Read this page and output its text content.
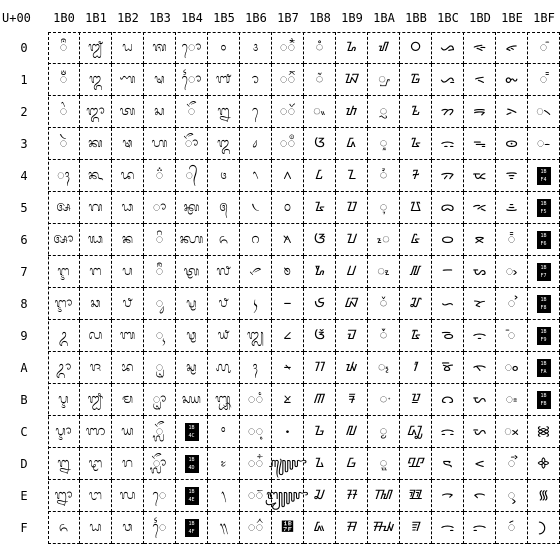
U+00	1B0 1B1 1B2 1B3 1B4 1B5 1B6 1B7 1B8 1B9 1BA 1BB 1BC 1BD 1BE 1BF
0
1
2
3
4
5
6
7
8
9
A
B
C
D
E
F
◌ᬀ
◌ᬁ
◌ᬂ
◌ᬃ
◌ᬄ
ᬅ
ᬆ
ᬇ
ᬈ
ᬉ
ᬊ
ᬋ
ᬌ
ᬍ
ᬎ
ᬏ
ᬐ
ᬑ
ᬒ
ᬓ
ᬔ
ᬕ
ᬖ
ᬗ
ᬘ
ᬙ
ᬚ
ᬛ
ᬜ
ᬝ
ᬞ
ᬟ
ᬠ
ᬡ
ᬢ
ᬣ
ᬤ
ᬥ
ᬦ
ᬧ
ᬨ
ᬩ
ᬪ
ᬫ
ᬬ
ᬭ
ᬮ
ᬯ
ᬰ
ᬱ
ᬲ
ᬳ
◌᬴
◌ᬵ
◌ᬶ
◌ᬷ
◌ᬸ
◌ᬹ
◌ᬺ
ᬻ
◌ᬼ
◌ᬽ
◌ᬾ
◌ᬿ
◌ᭀ
◌ᭁ
◌ᭂ
◌ᭃ
◌᭄
ᭅ
ᭆ
ᭇ
ᭈ
ᭉ
ᭊ
ᭋ
1B
4C
1B
4D
1B
4E
1B
4F
᭐
᭑
᭒
᭓
᭔
᭕
᭖
᭗
᭘
᭙
᭚
᭛
᭜
᭝
᭞
᭟
᭠
᭡
᭢
᭣
᭤
᭥
᭦
᭧
᭨
᭩
᭪
◌᭫
◌᭬
◌᭭
◌᭮
◌᭯
◌᭰
◌᭱
◌᭲
◌᭳
᭴
᭵
᭶
᭷
᭸
᭹
᭺
᭻
᭼
᭽
᭾
᭿
◌ᮀ
◌ᮁ
◌ᮂ
ᮃ
ᮄ
ᮅ
ᮆ
ᮇ
ᮈ
ᮉ
ᮊ
ᮋ
ᮌ
ᮍ
ᮎ
ᮏ
ᮐ
ᮑ
ᮒ
ᮓ
ᮔ
ᮕ
ᮖ
ᮗ
ᮘ
ᮙ
ᮚ
ᮛ
ᮜ
ᮝ
ᮞ
ᮟ
ᮠ
◌ᮡ
◌ᮢ
◌ᮣ
◌ᮤ
◌ᮥ
◌ᮦ
◌ᮧ
◌ᮨ
◌ᮩ
◌᮪
◌᮫
◌ᮬ
◌ᮭ
ᮮ
ᮯ
᮰
᮱
᮲
᮳
᮴
᮵
᮶
᮷
᮸
᮹
ᮺ
ᮻ
ᮼ
ᮽ
ᮾ
ᮿ
ᯀ
ᯁ
ᯂ
ᯃ
ᯄ
ᯅ
ᯆ
ᯇ
ᯈ
ᯉ
ᯊ
ᯋ
ᯌ
ᯍ
ᯎ
ᯏ
ᯐ
ᯑ
ᯒ
ᯓ
ᯔ
ᯕ
ᯖ
ᯗ
ᯘ
ᯙ
ᯚ
ᯛ
ᯜ
ᯝ
ᯞ
ᯟ
ᯠ
ᯡ
ᯢ
ᯣ
ᯤ
ᯥ
◌᯦
ᯧ
◌ᯨ
◌ᯩ
ᯪ
ᯫ
ᯬ
◌ᯭ
ᯮ
◌ᯯ
◌ᯰ
◌ᯱ
◌᯲
◌᯳
1B
F4
1B
F5
1B
F6
1B
F7
1B
F8
1B
F9
1B
FA
1B
FB
᯼
᯽
᯾
᯿
